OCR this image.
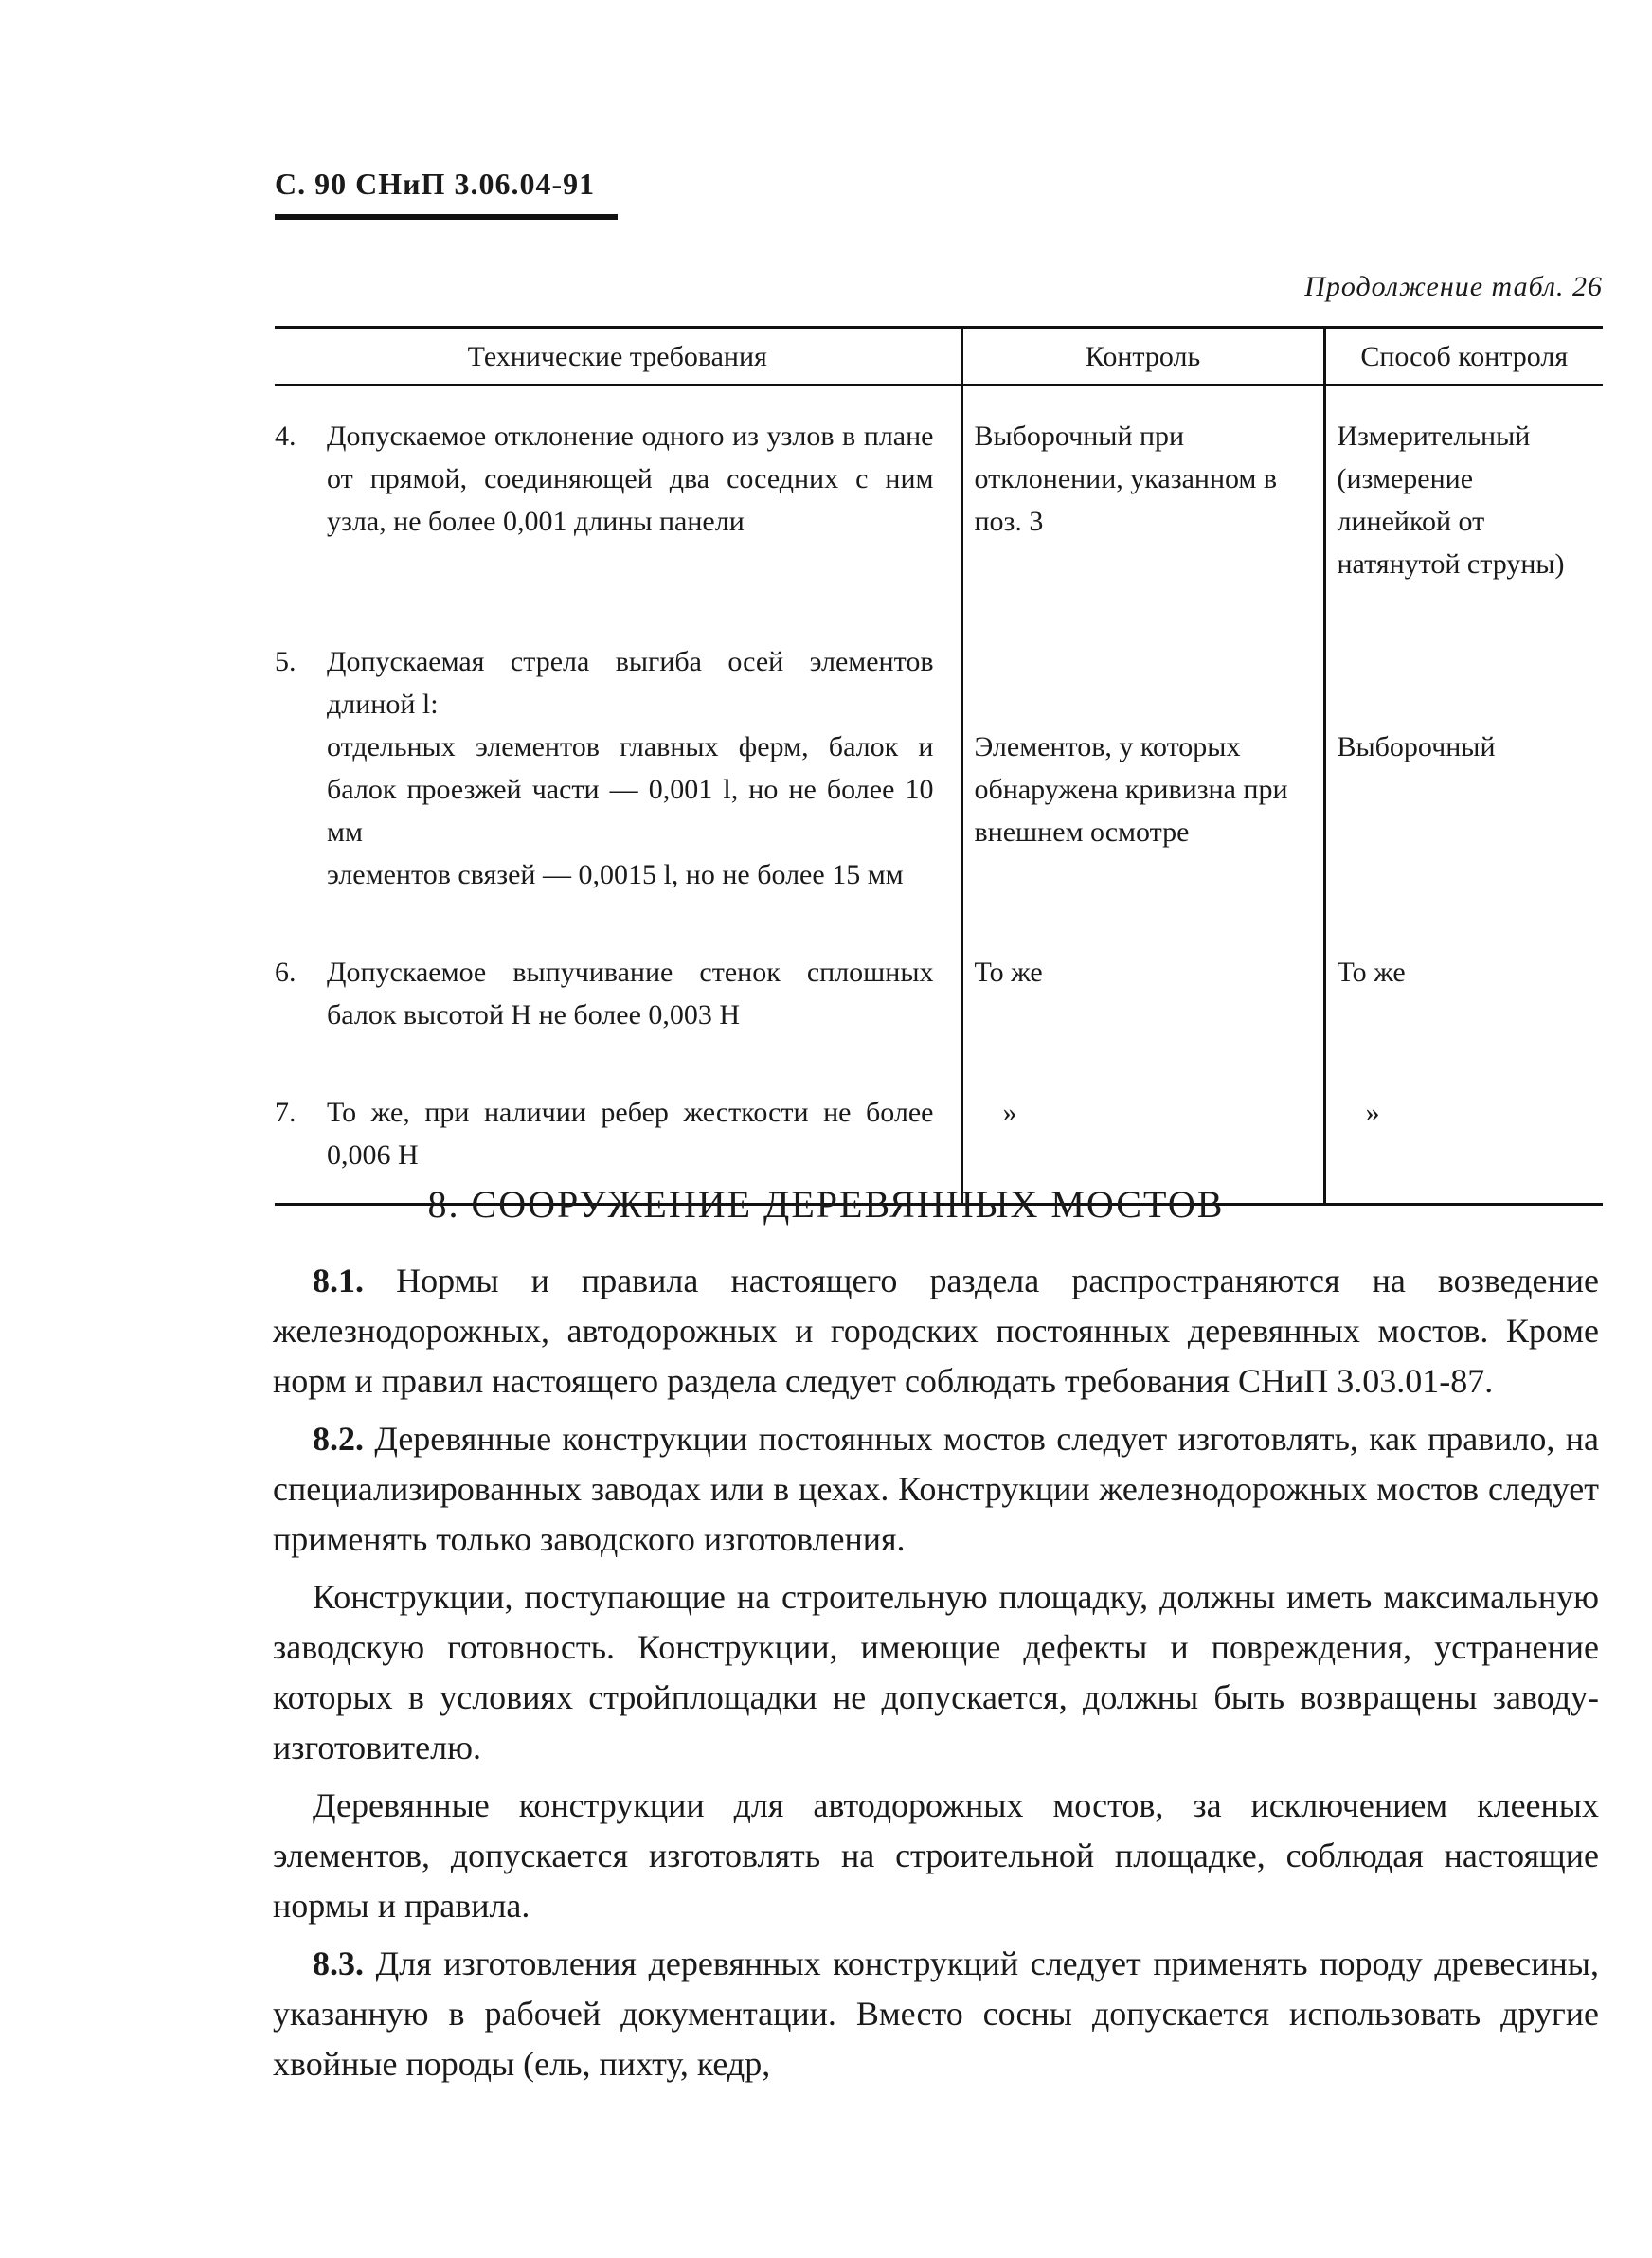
С. 90 СНиП 3.06.04-91
Продолжение табл. 26
Технические требования	Контроль	Способ контроля

4. Допускаемое отклонение одного из узлов в плане от прямой, соединяющей два соседних с ним узла, не более 0,001 длины панели	Выборочный при отклонении, указанном в поз. 3	Измерительный (измерение линейкой от натянутой струны)

5. Допускаемая стрела выгиба осей элементов длиной l:
отдельных элементов главных ферм, балок и балок проезжей части — 0,001 l, но не более 10 мм
элементов связей — 0,0015 l, но не более 15 мм	Элементов, у которых обнаружена кривизна при внешнем осмотре	Выборочный

6. Допускаемое выпучивание стенок сплошных балок высотой H не более 0,003 H	То же	То же

7. То же, при наличии ребер жесткости не более 0,006 H	»	»
8. СООРУЖЕНИЕ ДЕРЕВЯННЫХ МОСТОВ

8.1. Нормы и правила настоящего раздела распространяются на возведение железнодорожных, автодорожных и городских постоянных деревянных мостов. Кроме норм и правил настоящего раздела следует соблюдать требования СНиП 3.03.01-87.

8.2. Деревянные конструкции постоянных мостов следует изготовлять, как правило, на специализированных заводах или в цехах. Конструкции железнодорожных мостов следует применять только заводского изготовления.

Конструкции, поступающие на строительную площадку, должны иметь максимальную заводскую готовность. Конструкции, имеющие дефекты и повреждения, устранение которых в условиях стройплощадки не допускается, должны быть возвращены заводу-изготовителю.

Деревянные конструкции для автодорожных мостов, за исключением клееных элементов, допускается изготовлять на строительной площадке, соблюдая настоящие нормы и правила.

8.3. Для изготовления деревянных конструкций следует применять породу древесины, указанную в рабочей документации. Вместо сосны допускается использовать другие хвойные породы (ель, пихту, кедр,
